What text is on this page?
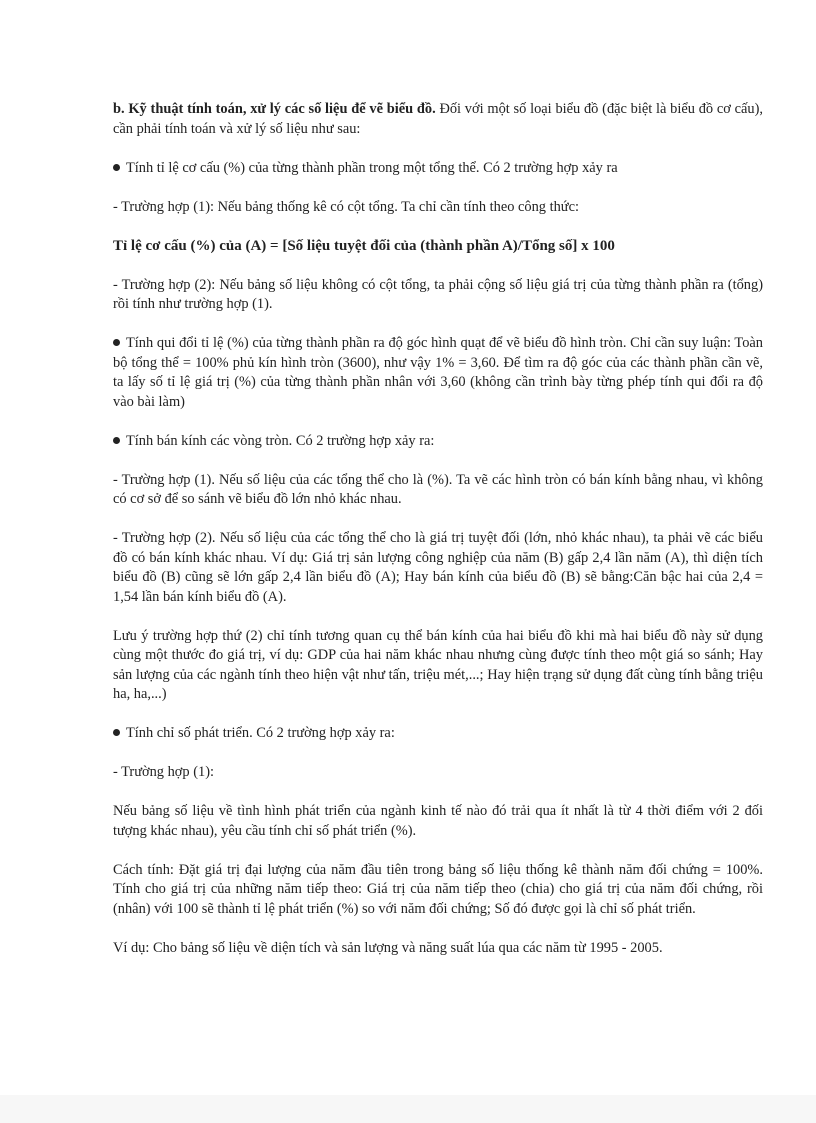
b. Kỹ thuật tính toán, xử lý các số liệu để vẽ biểu đồ. Đối với một số loại biểu đồ (đặc biệt là biểu đồ cơ cấu), cần phải tính toán và xử lý số liệu như sau:

Tính tỉ lệ cơ cấu (%) của từng thành phần trong một tổng thể. Có 2 trường hợp xảy ra

- Trường hợp (1): Nếu bảng thống kê có cột tổng. Ta chỉ cần tính theo công thức:

Tỉ lệ cơ cấu (%) của (A) = [Số liệu tuyệt đối của (thành phần A)/Tổng số] x 100

- Trường hợp (2): Nếu bảng số liệu không có cột tổng, ta phải cộng số liệu giá trị của từng thành phần ra (tổng) rồi tính như trường hợp (1).

Tính qui đổi tỉ lệ (%) của từng thành phần ra độ góc hình quạt để vẽ biểu đồ hình tròn. Chỉ cần suy luận: Toàn bộ tổng thể = 100% phủ kín hình tròn (3600), như vậy 1% = 3,60. Để tìm ra độ góc của các thành phần cần vẽ, ta lấy số tỉ lệ giá trị (%) của từng thành phần nhân với 3,60 (không cần trình bày từng phép tính qui đổi ra độ vào bài làm)

Tính bán kính các vòng tròn. Có 2 trường hợp xảy ra:

- Trường hợp (1). Nếu số liệu của các tổng thể cho là (%). Ta vẽ các hình tròn có bán kính bằng nhau, vì không có cơ sở để so sánh vẽ biểu đồ lớn nhỏ khác nhau.

- Trường hợp (2). Nếu số liệu của các tổng thể cho là giá trị tuyệt đối (lớn, nhỏ khác nhau), ta phải vẽ các biểu đồ có bán kính khác nhau. Ví dụ: Giá trị sản lượng công nghiệp của năm (B) gấp 2,4 lần năm (A), thì diện tích biểu đồ (B) cũng sẽ lớn gấp 2,4 lần biểu đồ (A); Hay bán kính của biểu đồ (B) sẽ bằng:Căn bậc hai của 2,4 = 1,54 lần bán kính biểu đồ (A).

Lưu ý trường hợp thứ (2) chỉ tính tương quan cụ thể bán kính của hai biểu đồ khi mà hai biểu đồ này sử dụng cùng một thước đo giá trị, ví dụ: GDP của hai năm khác nhau nhưng cùng được tính theo một giá so sánh; Hay sản lượng của các ngành tính theo hiện vật như tấn, triệu mét,...; Hay hiện trạng sử dụng đất cùng tính bằng triệu ha, ha,...)

Tính chỉ số phát triển. Có 2 trường hợp xảy ra:

- Trường hợp (1):

Nếu bảng số liệu về tình hình phát triển của ngành kinh tế nào đó trải qua ít nhất là từ 4 thời điểm với 2 đối tượng khác nhau), yêu cầu tính chỉ số phát triển (%).

Cách tính: Đặt giá trị đại lượng của năm đầu tiên trong bảng số liệu thống kê thành năm đối chứng = 100%. Tính cho giá trị của những năm tiếp theo: Giá trị của năm tiếp theo (chia) cho giá trị của năm đối chứng, rồi (nhân) với 100 sẽ thành tỉ lệ phát triển (%) so với năm đối chứng; Số đó được gọi là chỉ số phát triển.

Ví dụ: Cho bảng số liệu về diện tích và sản lượng và năng suất lúa qua các năm từ 1995 - 2005.
